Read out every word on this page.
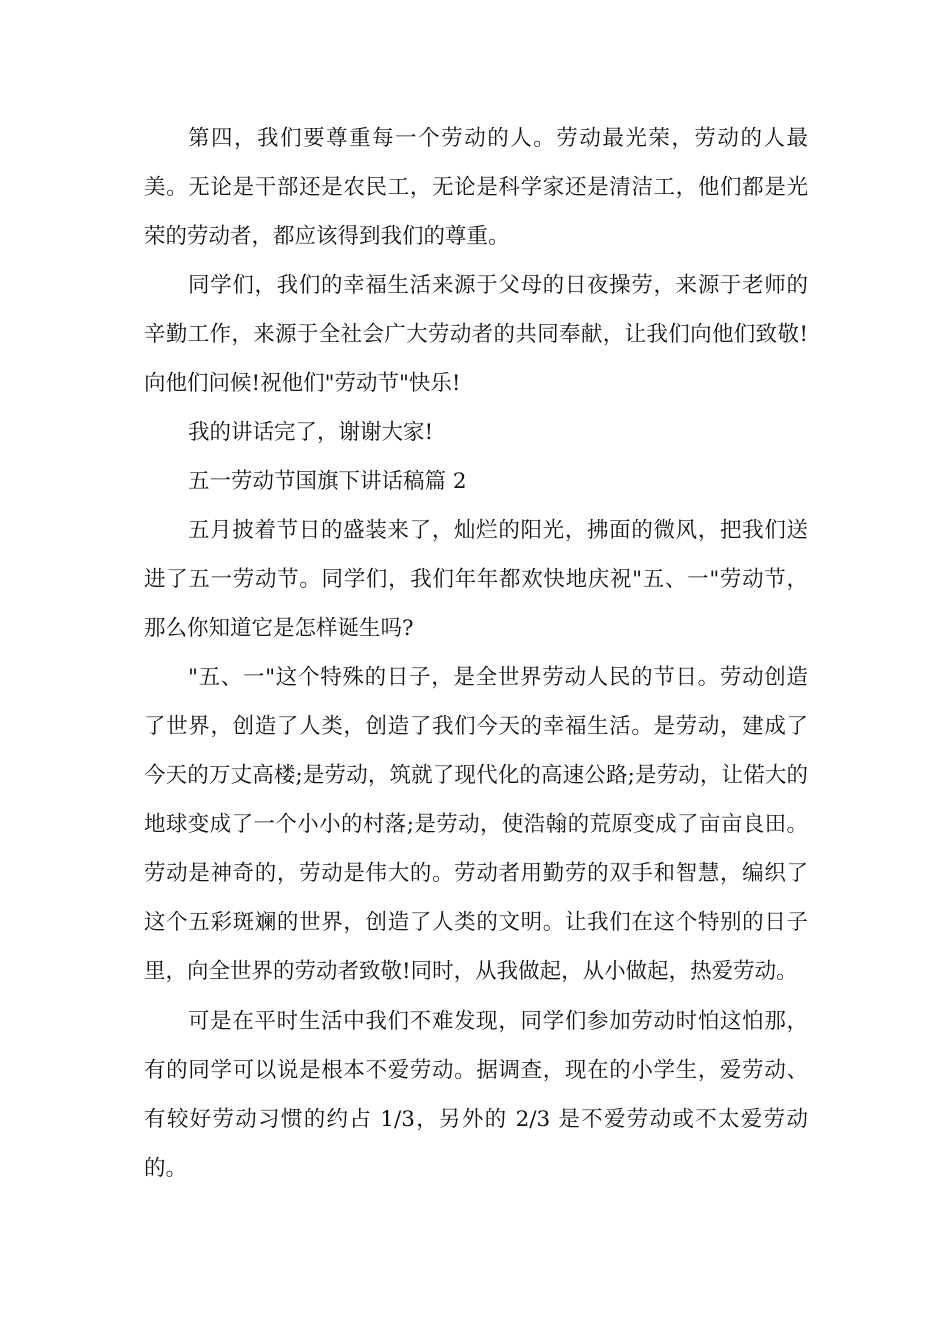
第四，我们要尊重每一个劳动的人。劳动最光荣，劳动的人最美。无论是干部还是农民工，无论是科学家还是清洁工，他们都是光荣的劳动者，都应该得到我们的尊重。

同学们，我们的幸福生活来源于父母的日夜操劳，来源于老师的辛勤工作，来源于全社会广大劳动者的共同奉献，让我们向他们致敬!向他们问候!祝他们"劳动节"快乐!

我的讲话完了，谢谢大家!

五一劳动节国旗下讲话稿篇 2

五月披着节日的盛装来了，灿烂的阳光，拂面的微风，把我们送进了五一劳动节。同学们，我们年年都欢快地庆祝"五、一"劳动节，那么你知道它是怎样诞生吗?

"五、一"这个特殊的日子，是全世界劳动人民的节日。劳动创造了世界，创造了人类，创造了我们今天的幸福生活。是劳动，建成了今天的万丈高楼;是劳动，筑就了现代化的高速公路;是劳动，让偌大的地球变成了一个小小的村落;是劳动，使浩翰的荒原变成了亩亩良田。劳动是神奇的，劳动是伟大的。劳动者用勤劳的双手和智慧，编织了这个五彩斑斓的世界，创造了人类的文明。让我们在这个特别的日子里，向全世界的劳动者致敬!同时，从我做起，从小做起，热爱劳动。

可是在平时生活中我们不难发现，同学们参加劳动时怕这怕那，有的同学可以说是根本不爱劳动。据调查，现在的小学生，爱劳动、有较好劳动习惯的约占 1/3，另外的 2/3 是不爱劳动或不太爱劳动的。
